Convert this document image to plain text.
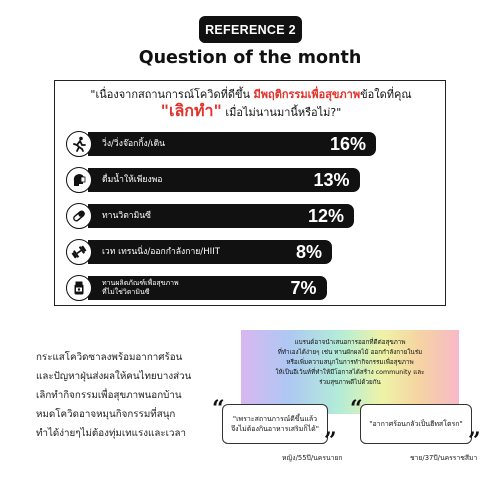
REFERENCE 2
Question of the month
"เนื่องจากสถานการณ์โควิดที่ดีขึ้น มีพฤติกรรมเพื่อสุขภาพข้อใดที่คุณ
"เลิกทำ" เมื่อไม่นานมานี้หรือไม่?"
วิ่ง/วิ่งจ๊อกกิ้ง/เดิน	16%
ดื่มน้ำให้เพียงพอ	13%
ทานวิตามินซี	12%
เวท เทรนนิ่ง/ออกกำลังกาย/HIIT	8%
ทานผลิตภัณฑ์เพื่อสุขภาพ
ที่ไม่ใช่วิตามินซี	7%
กระแสโควิดซาลงพร้อมอากาศร้อน
และปัญหาฝุ่นส่งผลให้คนไทยบางส่วน
เลิกทำกิจกรรมเพื่อสุขภาพนอกบ้าน
หมดโควิดอาจหมุนกิจกรรมที่สนุก
ทำได้ง่ายๆไม่ต้องทุ่มเทแรงและเวลา
แบรนด์อาจนำเสนอการออกที่ดีต่อสุขภาพ
ที่ทำเองได้ง่ายๆ เช่น ทานผักผลไม้ ออกกำลังกายในร่ม
หรือเพิ่มความสนุกในการทำกิจกรรมเพื่อสุขภาพ
ให้เป็นอีเว้นท์ที่ทำให้มีโอกาสได้สร้าง community และ
ร่วมสุขภาพดีไปด้วยกัน
"เพราะสถานการณ์ดีขึ้นแล้ว
จึงไม่ต้องกินอาหารเสริมก็ได้"
“
”
หญิง/55ปี/นครนายก
"อากาศร้อนกลัวเป็นฮีทสโตรก"
“
”
ชาย/37ปี/นครราชสีมา
